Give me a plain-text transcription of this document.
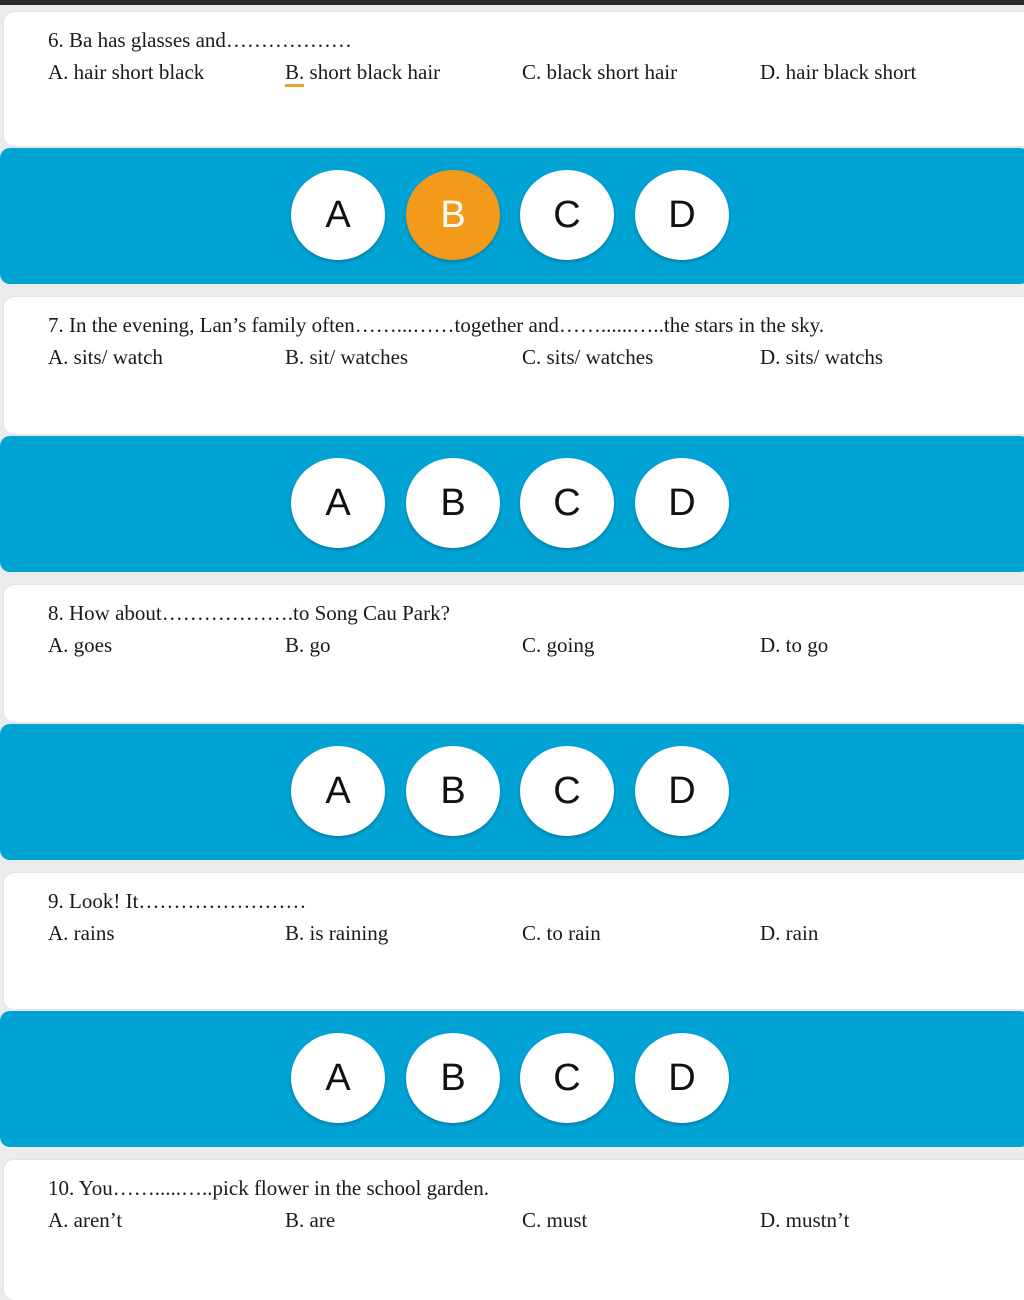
6. Ba has glasses and………………
A. hair short black	B. short black hair	C. black short hair	D. hair black short
A	B	C	D
7. In the evening, Lan’s family often……...……together and……......…..the stars in the sky.
A. sits/ watch	B. sit/ watches	C. sits/ watches	D. sits/ watchs
A	B	C	D
8. How about……………….to Song Cau Park?
A. goes	B. go	C. going	D. to go
A	B	C	D
9. Look! It……………………
A. rains	B. is raining	C. to rain	D. rain
A	B	C	D
10. You…….....…..pick flower in the school garden.
A. aren’t	B. are	C. must	D. mustn’t
